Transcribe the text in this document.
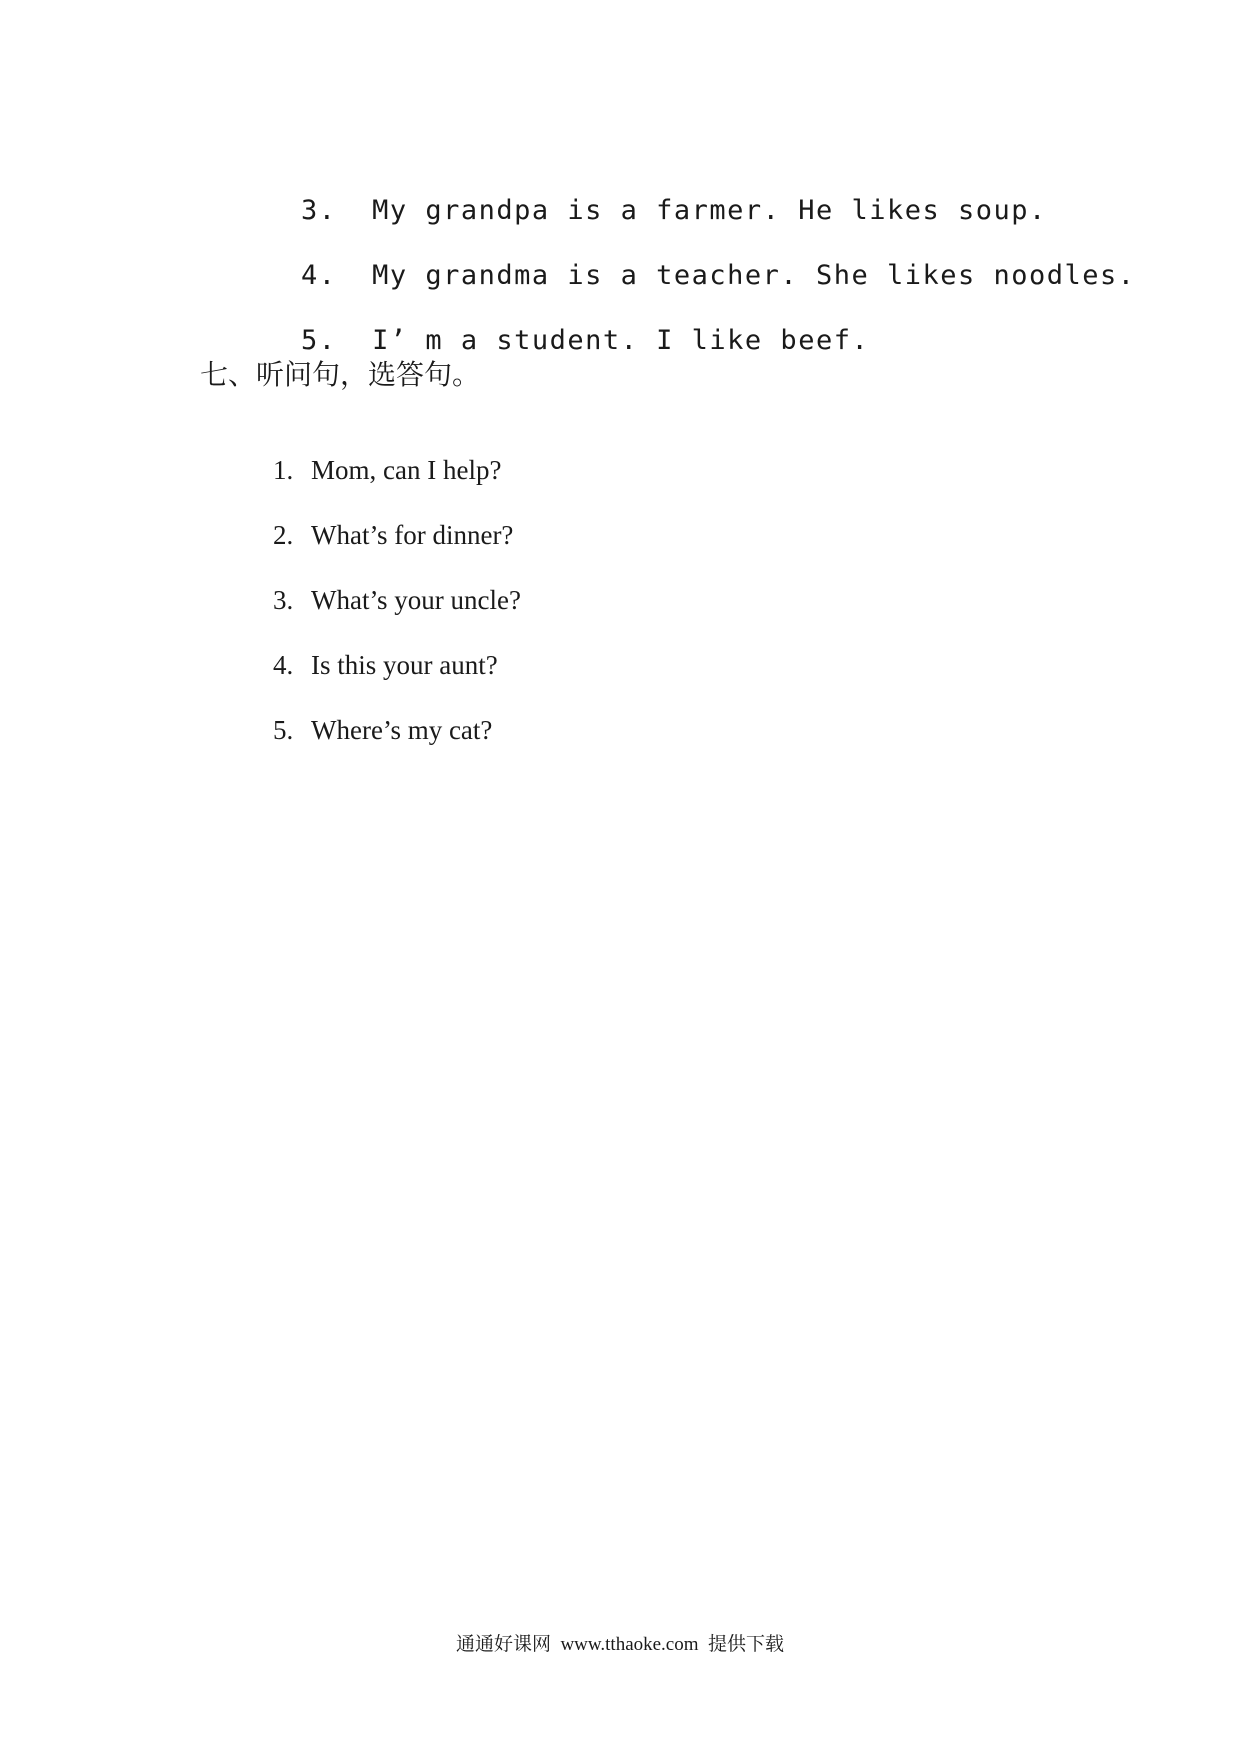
3. My grandpa is a farmer. He likes soup.

4. My grandma is a teacher. She likes noodles.

5. I’ m a student. I like beef.

七、听问句，选答句。

1. Mom, can I help?

2. What’s for dinner?

3. What’s your uncle?

4. Is this your aunt?

5. Where’s my cat?

通通好课网  www.tthaoke.com  提供下载
